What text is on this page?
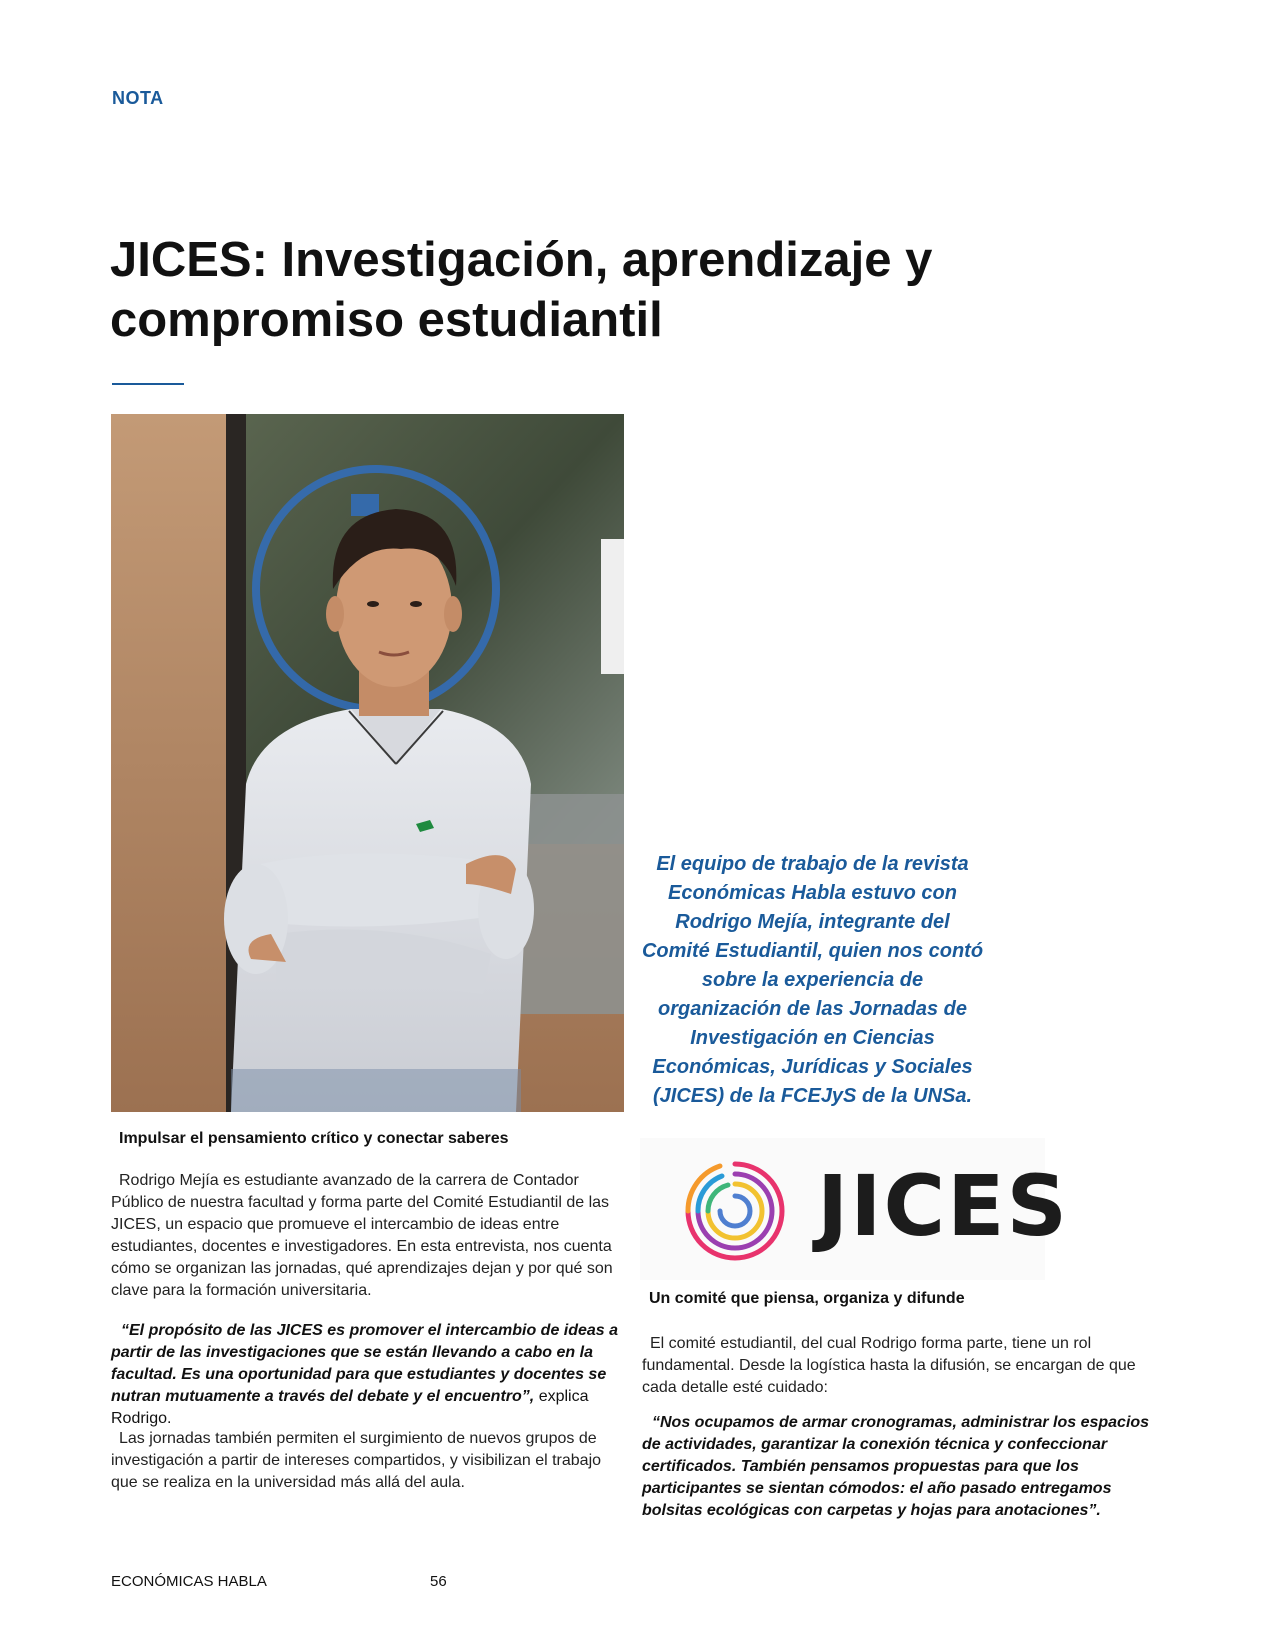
NOTA
JICES: Investigación, aprendizaje y compromiso estudiantil

El equipo de trabajo de la revista Económicas Habla estuvo con Rodrigo Mejía, integrante del Comité Estudiantil, quien nos contó sobre la experiencia de organización de las Jornadas de Investigación en Ciencias Económicas, Jurídicas y Sociales (JICES) de la FCEJyS de la UNSa.

JICES

Impulsar el pensamiento crítico y conectar saberes

Rodrigo Mejía es estudiante avanzado de la carrera de Contador Público de nuestra facultad y forma parte del Comité Estudiantil de las JICES, un espacio que promueve el intercambio de ideas entre estudiantes, docentes e investigadores. En esta entrevista, nos cuenta cómo se organizan las jornadas, qué aprendizajes dejan y por qué son clave para la formación universitaria.

“El propósito de las JICES es promover el intercambio de ideas a partir de las investigaciones que se están llevando a cabo en la facultad. Es una oportunidad para que estudiantes y docentes se nutran mutuamente a través del debate y el encuentro”, explica Rodrigo.

Las jornadas también permiten el surgimiento de nuevos grupos de investigación a partir de intereses compartidos, y visibilizan el trabajo que se realiza en la universidad más allá del aula.

Un comité que piensa, organiza y difunde

El comité estudiantil, del cual Rodrigo forma parte, tiene un rol fundamental. Desde la logística hasta la difusión, se encargan de que cada detalle esté cuidado:

“Nos ocupamos de armar cronogramas, administrar los espacios de actividades, garantizar la conexión técnica y confeccionar certificados. También pensamos propuestas para que los participantes se sientan cómodos: el año pasado entregamos bolsitas ecológicas con carpetas y hojas para anotaciones”.

ECONÓMICAS HABLA	56
